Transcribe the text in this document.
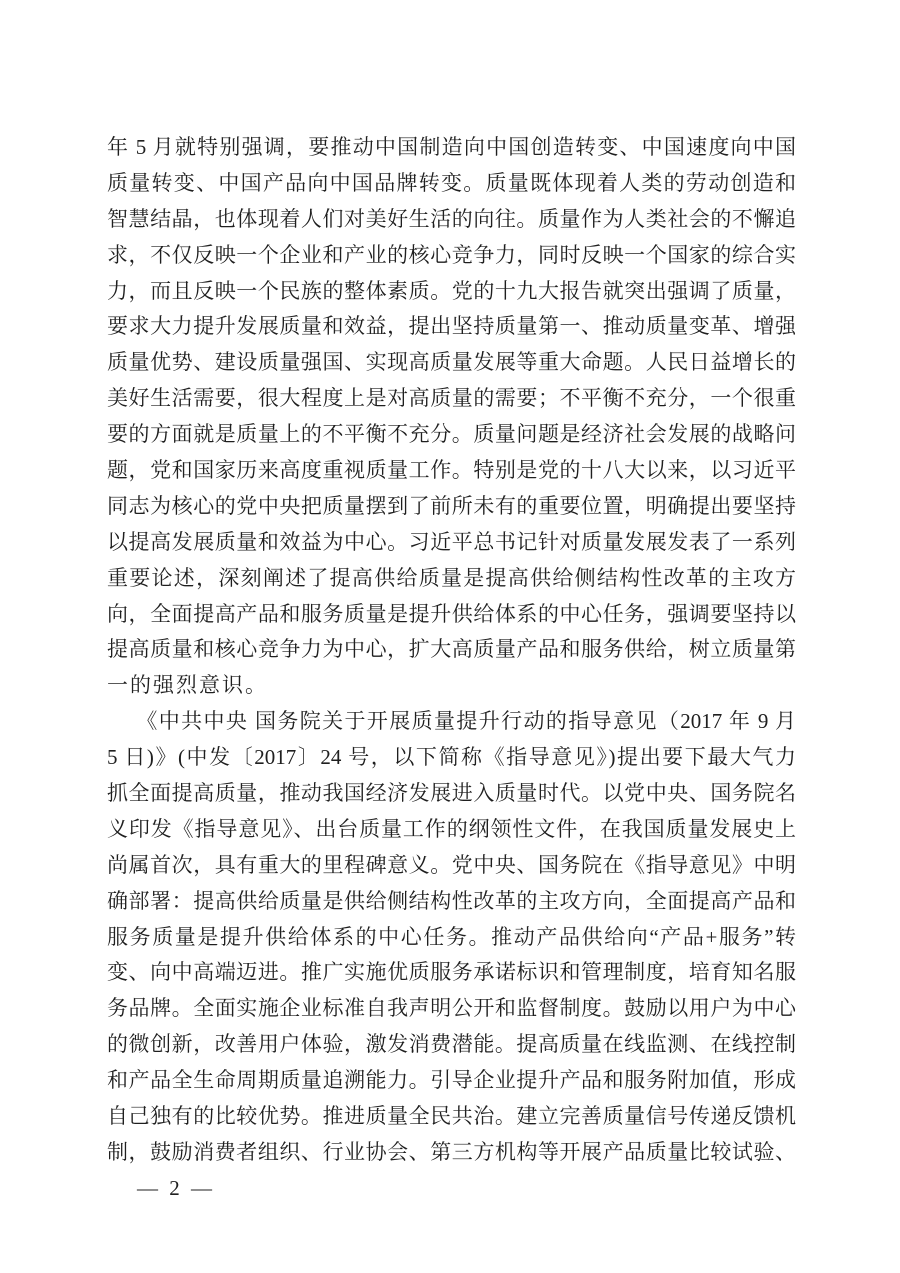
年 5 月就特别强调，要推动中国制造向中国创造转变、中国速度向中国
质量转变、中国产品向中国品牌转变。质量既体现着人类的劳动创造和
智慧结晶，也体现着人们对美好生活的向往。质量作为人类社会的不懈追
求，不仅反映一个企业和产业的核心竞争力，同时反映一个国家的综合实
力，而且反映一个民族的整体素质。党的十九大报告就突出强调了质量，
要求大力提升发展质量和效益，提出坚持质量第一、推动质量变革、增强
质量优势、建设质量强国、实现高质量发展等重大命题。人民日益增长的
美好生活需要，很大程度上是对高质量的需要；不平衡不充分，一个很重
要的方面就是质量上的不平衡不充分。质量问题是经济社会发展的战略问
题，党和国家历来高度重视质量工作。特别是党的十八大以来，以习近平
同志为核心的党中央把质量摆到了前所未有的重要位置，明确提出要坚持
以提高发展质量和效益为中心。习近平总书记针对质量发展发表了一系列
重要论述，深刻阐述了提高供给质量是提高供给侧结构性改革的主攻方
向，全面提高产品和服务质量是提升供给体系的中心任务，强调要坚持以
提高质量和核心竞争力为中心，扩大高质量产品和服务供给，树立质量第
一的强烈意识。
《中共中央 国务院关于开展质量提升行动的指导意见（2017 年 9 月
5 日)》(中发〔2017〕24 号，以下简称《指导意见》)提出要下最大气力
抓全面提高质量，推动我国经济发展进入质量时代。以党中央、国务院名
义印发《指导意见》、出台质量工作的纲领性文件，在我国质量发展史上
尚属首次，具有重大的里程碑意义。党中央、国务院在《指导意见》中明
确部署：提高供给质量是供给侧结构性改革的主攻方向，全面提高产品和
服务质量是提升供给体系的中心任务。推动产品供给向“产品+服务”转
变、向中高端迈进。推广实施优质服务承诺标识和管理制度，培育知名服
务品牌。全面实施企业标准自我声明公开和监督制度。鼓励以用户为中心
的微创新，改善用户体验，激发消费潜能。提高质量在线监测、在线控制
和产品全生命周期质量追溯能力。引导企业提升产品和服务附加值，形成
自己独有的比较优势。推进质量全民共治。建立完善质量信号传递反馈机
制，鼓励消费者组织、行业协会、第三方机构等开展产品质量比较试验、
— 2 —
